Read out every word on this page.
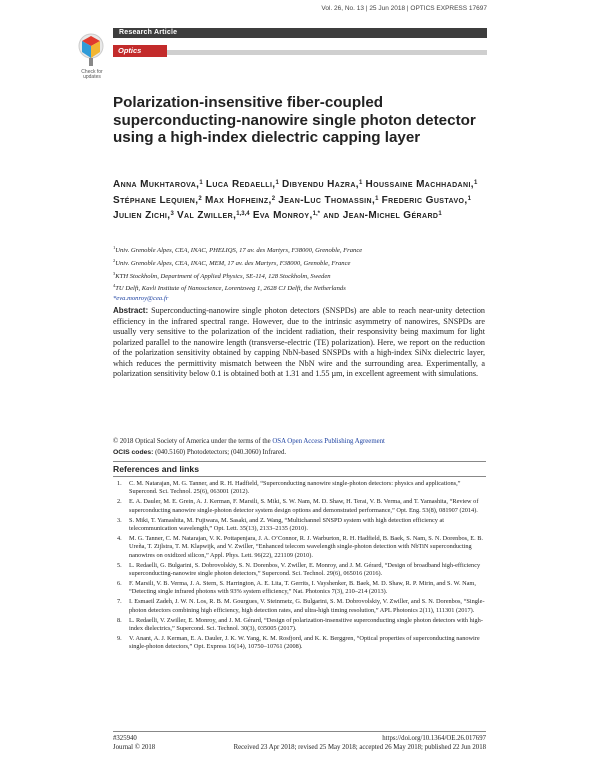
Check for updates
Research Article
Optics EXPRESS
Vol. 26, No. 13 | 25 Jun 2018 | OPTICS EXPRESS 17697
Polarization-insensitive fiber-coupled superconducting-nanowire single photon detector using a high-index dielectric capping layer
Anna Mukhtarova,$^1$ Luca Redaelli,$^1$ Dibyendu Hazra,$^1$ Houssaine Machhadani,$^1$ Stéphane Lequien,$^2$ Max Hofheinz,$^2$ Jean-Luc Thomassin,$^1$ Frederic Gustavo,$^1$ Julien Zichi,$^3$ Val Zwiller,$^{1,3,4}$ Eva Monroy,$^{1,*}$ and Jean-Michel Gérard$^1$
$^1$Univ. Grenoble Alpes, CEA, INAC, PHELIQS, 17 av. des Martyrs, F38000, Grenoble, France
$^2$Univ. Grenoble Alpes, CEA, INAC, MEM, 17 av. des Martyrs, F38000, Grenoble, France
$^3$KTH Stockholm, Department of Applied Physics, SE-114, 128 Stockholm, Sweden
$^4$TU Delft, Kavli Institute of Nanoscience, Lorentzweg 1, 2628 CJ Delft, the Netherlands
*eva.monroy@cea.fr

Abstract: Superconducting-nanowire single photon detectors (SNSPDs) are able to reach near-unity detection efficiency in the infrared spectral range. However, due to the intrinsic asymmetry of nanowires, SNSPDs are usually very sensitive to the polarization of the incident radiation, their responsivity being maximum for light polarized parallel to the nanowire length (transverse-electric (TE) polarization). Here, we report on the reduction of the polarization sensitivity obtained by capping NbN-based SNSPDs with a high-index SiNx dielectric layer, which reduces the permittivity mismatch between the NbN wire and the surrounding area. Experimentally, a polarization sensitivity below 0.1 is obtained both at 1.31 and 1.55 µm, in excellent agreement with simulations.

© 2018 Optical Society of America under the terms of the OSA Open Access Publishing Agreement
OCIS codes: (040.5160) Photodetectors; (040.3060) Infrared.
References and links
1. C. M. Natarajan, M. G. Tanner, and R. H. Hadfield, “Superconducting nanowire single-photon detectors: physics and applications,” Supercond. Sci. Technol. 25(6), 063001 (2012).
2. E. A. Dauler, M. E. Grein, A. J. Kerman, F. Marsili, S. Miki, S. W. Nam, M. D. Shaw, H. Terai, V. B. Verma, and T. Yamashita, “Review of superconducting nanowire single-photon detector system design options and demonstrated performance,” Opt. Eng. 53(8), 081907 (2014).
3. S. Miki, T. Yamashita, M. Fujiwara, M. Sasaki, and Z. Wang, “Multichannel SNSPD system with high detection efficiency at telecommunication wavelength,” Opt. Lett. 35(13), 2133–2135 (2010).
4. M. G. Tanner, C. M. Natarajan, V. K. Pottapenjara, J. A. O’Connor, R. J. Warburton, R. H. Hadfield, B. Baek, S. Nam, S. N. Dorenbos, E. B. Ureña, T. Zijlstra, T. M. Klapwijk, and V. Zwiller, “Enhanced telecom wavelength single-photon detection with NbTiN superconducting nanowires on oxidized silicon,” Appl. Phys. Lett. 96(22), 221109 (2010).
5. L. Redaelli, G. Bulgarini, S. Dobrovolskiy, S. N. Dorenbos, V. Zwiller, E. Monroy, and J. M. Gérard, “Design of broadband high-efficiency superconducting-nanowire single photon detectors,” Supercond. Sci. Technol. 29(6), 065016 (2016).
6. F. Marsili, V. B. Verma, J. A. Stern, S. Harrington, A. E. Lita, T. Gerrits, I. Vayshenker, B. Baek, M. D. Shaw, R. P. Mirin, and S. W. Nam, “Detecting single infrared photons with 93% system efficiency,” Nat. Photonics 7(3), 210–214 (2013).
7. I. Esmaeil Zadeh, J. W. N. Los, R. B. M. Gourgues, V. Steinmetz, G. Bulgarini, S. M. Dobrovolskiy, V. Zwiller, and S. N. Dorenbos, “Single-photon detectors combining high efficiency, high detection rates, and ultra-high timing resolution,” APL Photonics 2(11), 111301 (2017).
8. L. Redaelli, V. Zwiller, E. Monroy, and J. M. Gérard, “Design of polarization-insensitive superconducting single photon detectors with high-index dielectrics,” Supercond. Sci. Technol. 30(3), 035005 (2017).
9. V. Anant, A. J. Kerman, E. A. Dauler, J. K. W. Yang, K. M. Rosfjord, and K. K. Berggren, “Optical properties of superconducting nanowire single-photon detectors,” Opt. Express 16(14), 10750–10761 (2008).
#325940	https://doi.org/10.1364/OE.26.017697
Journal © 2018	Received 23 Apr 2018; revised 25 May 2018; accepted 26 May 2018; published 22 Jun 2018
